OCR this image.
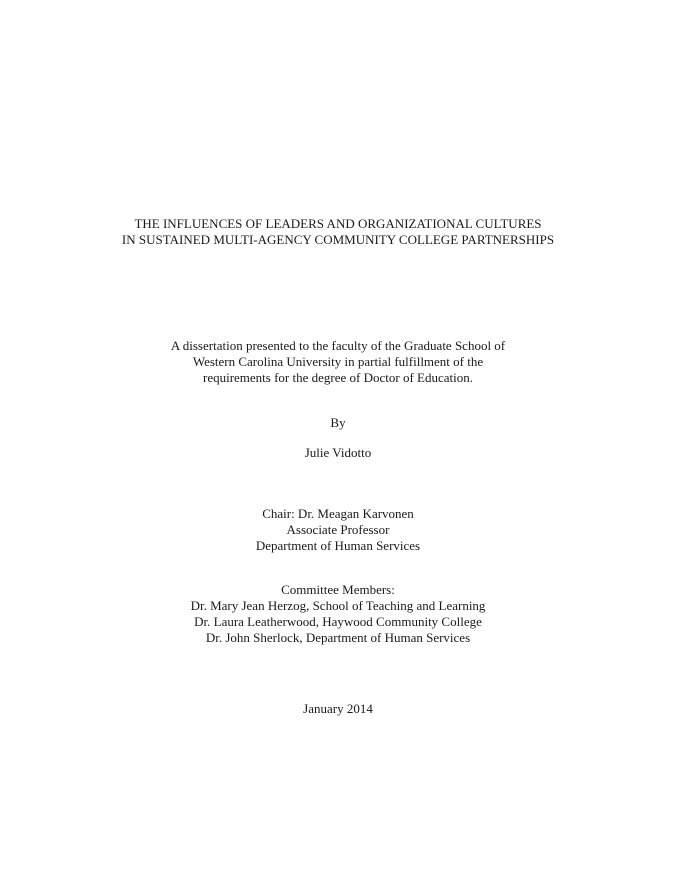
THE INFLUENCES OF LEADERS AND ORGANIZATIONAL CULTURES
IN SUSTAINED MULTI-AGENCY COMMUNITY COLLEGE PARTNERSHIPS
A dissertation presented to the faculty of the Graduate School of
Western Carolina University in partial fulfillment of the
requirements for the degree of Doctor of Education.
By
Julie Vidotto
Chair: Dr. Meagan Karvonen
Associate Professor
Department of Human Services
Committee Members:
Dr. Mary Jean Herzog, School of Teaching and Learning
Dr. Laura Leatherwood, Haywood Community College
Dr. John Sherlock, Department of Human Services
January 2014
